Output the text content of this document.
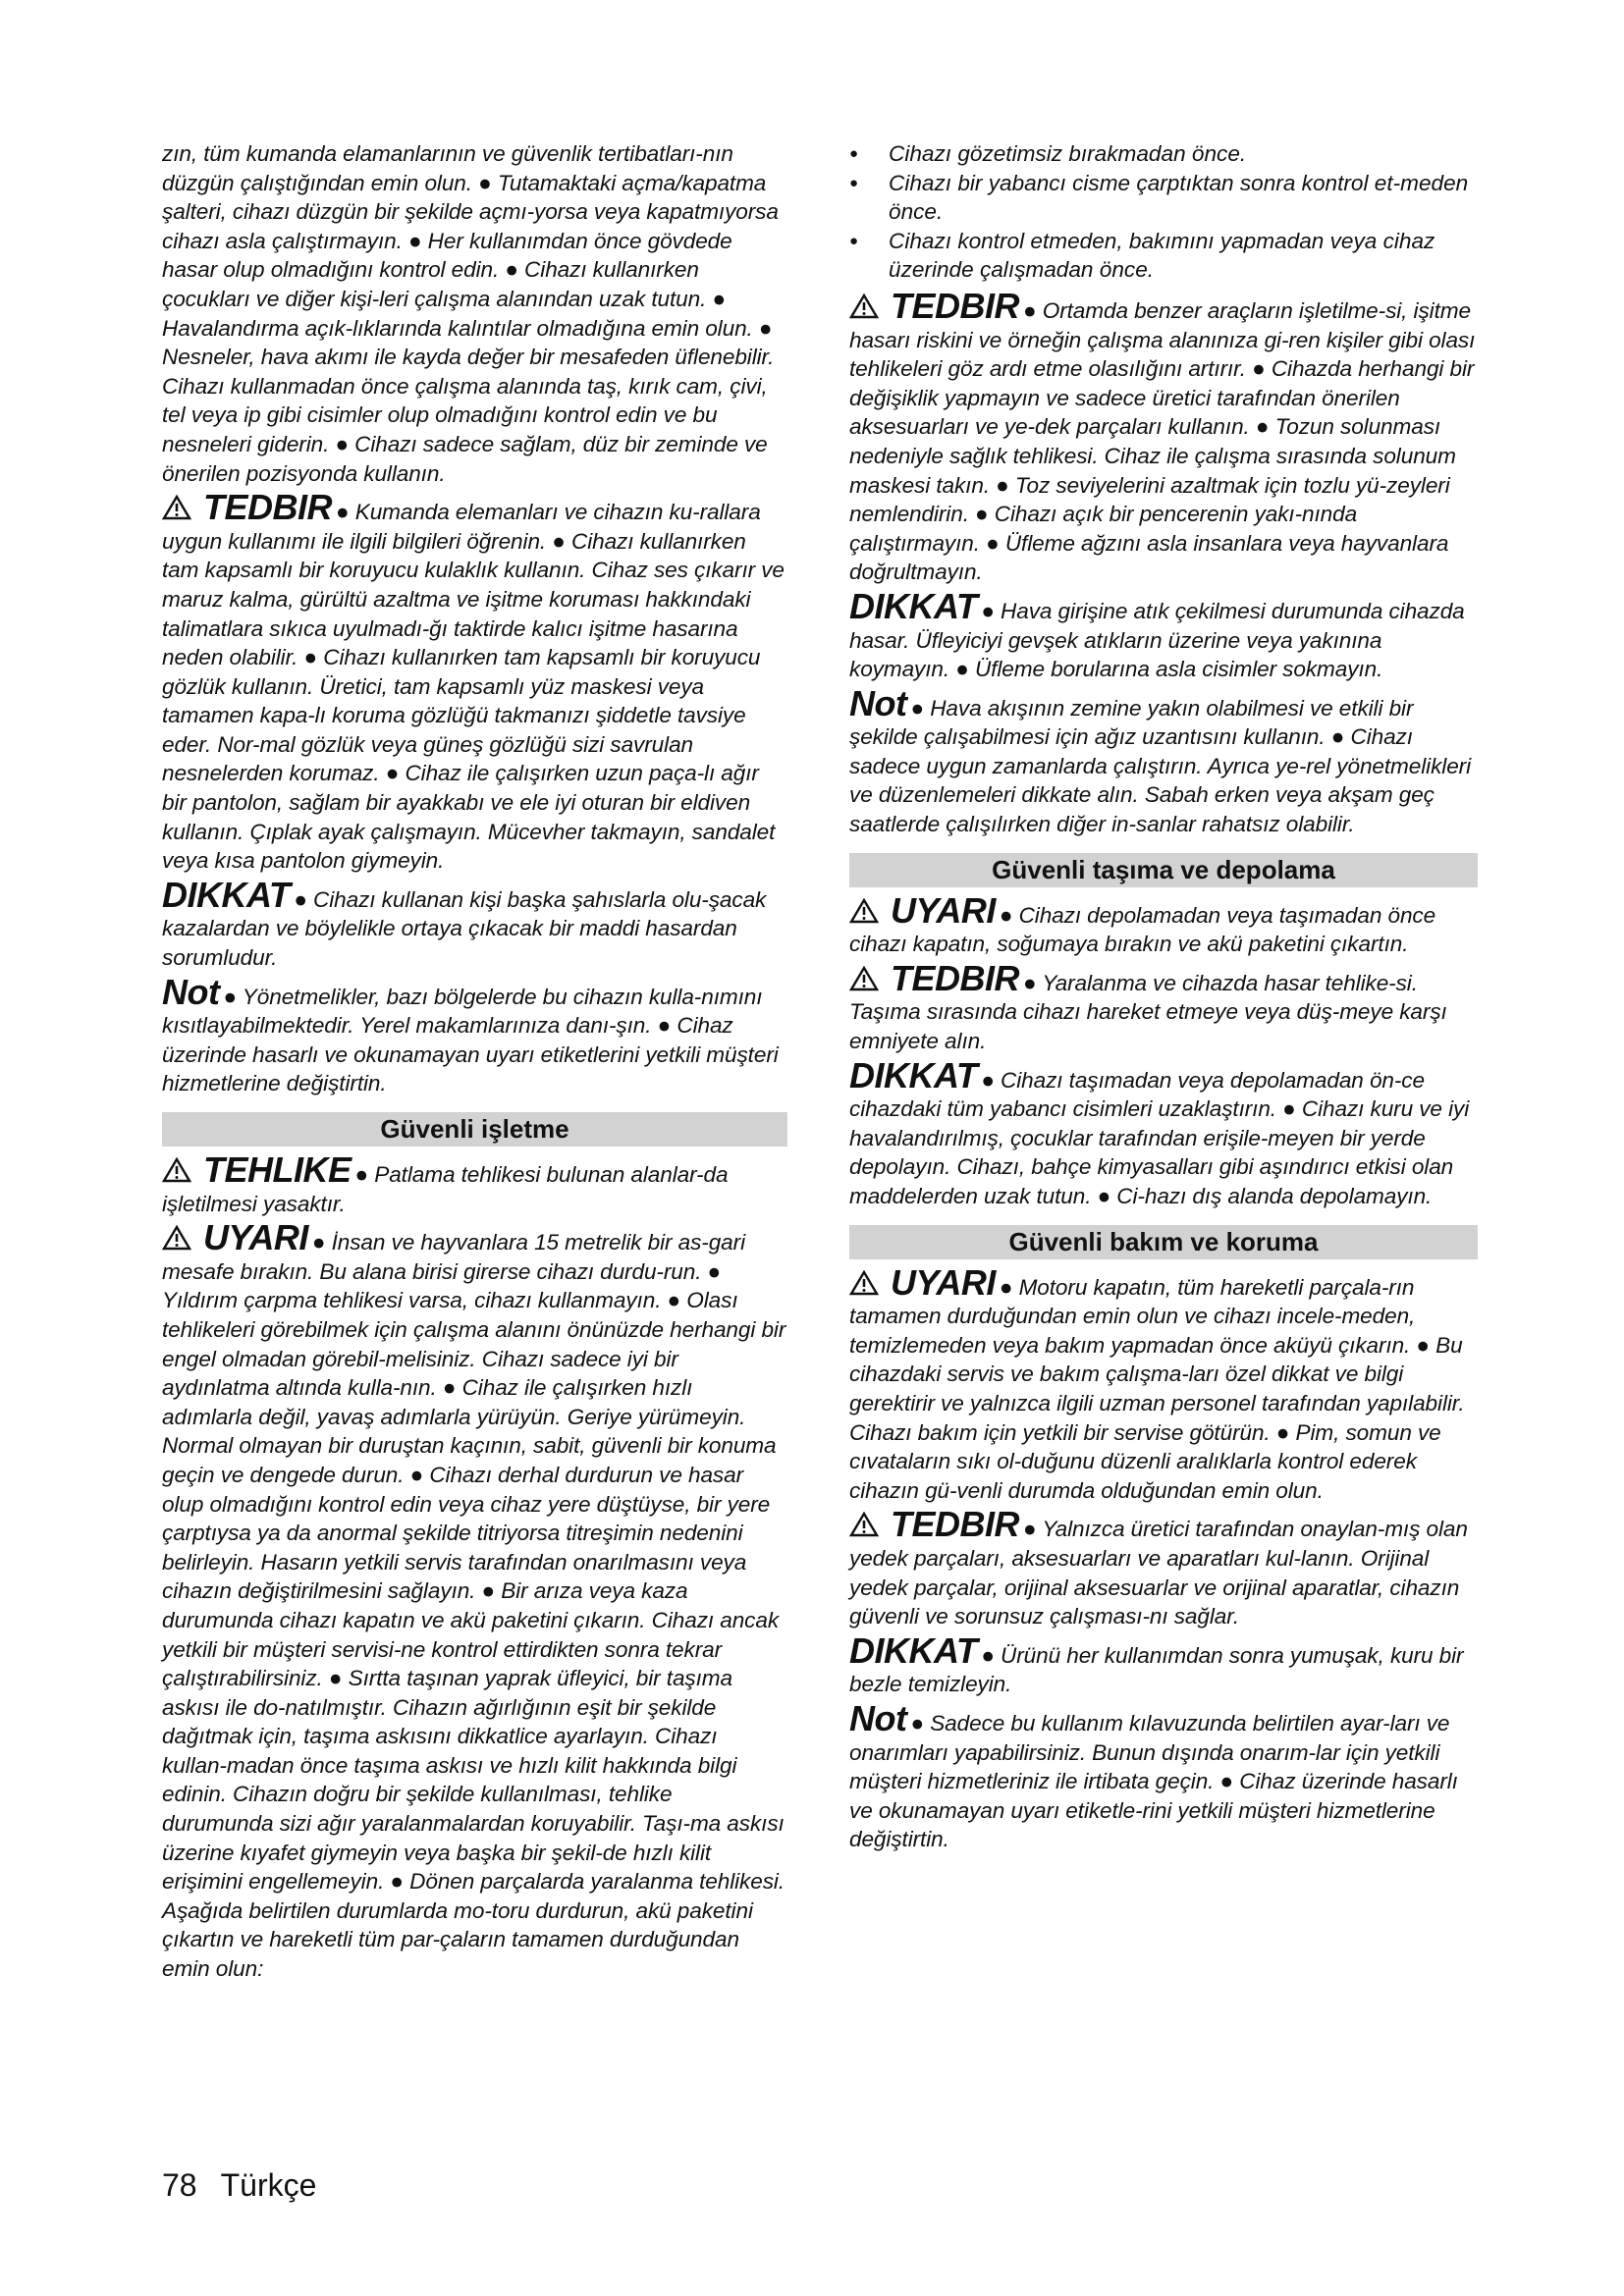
zın, tüm kumanda elamanlarının ve güvenlik tertibatları-nın düzgün çalıştığından emin olun. ● Tutamaktaki açma/kapatma şalteri, cihazı düzgün bir şekilde açmı-yorsa veya kapatmıyorsa cihazı asla çalıştırmayın. ● Her kullanımdan önce gövdede hasar olup olmadığını kontrol edin. ● Cihazı kullanırken çocukları ve diğer kişi-leri çalışma alanından uzak tutun. ● Havalandırma açık-lıklarında kalıntılar olmadığına emin olun. ● Nesneler, hava akımı ile kayda değer bir mesafeden üflenebilir. Cihazı kullanmadan önce çalışma alanında taş, kırık cam, çivi, tel veya ip gibi cisimler olup olmadığını kontrol edin ve bu nesneleri giderin. ● Cihazı sadece sağlam, düz bir zeminde ve önerilen pozisyonda kullanın.

TEDBIR ● Kumanda elemanları ve cihazın ku-rallara uygun kullanımı ile ilgili bilgileri öğrenin. ● Cihazı kullanırken tam kapsamlı bir koruyucu kulaklık kullanın. Cihaz ses çıkarır ve maruz kalma, gürültü azaltma ve işitme koruması hakkındaki talimatlara sıkıca uyulmadı-ğı taktirde kalıcı işitme hasarına neden olabilir. ● Cihazı kullanırken tam kapsamlı bir koruyucu gözlük kullanın. Üretici, tam kapsamlı yüz maskesi veya tamamen kapa-lı koruma gözlüğü takmanızı şiddetle tavsiye eder. Nor-mal gözlük veya güneş gözlüğü sizi savrulan nesnelerden korumaz. ● Cihaz ile çalışırken uzun paça-lı ağır bir pantolon, sağlam bir ayakkabı ve ele iyi oturan bir eldiven kullanın. Çıplak ayak çalışmayın. Mücevher takmayın, sandalet veya kısa pantolon giymeyin.

DIKKAT ● Cihazı kullanan kişi başka şahıslarla olu-şacak kazalardan ve böylelikle ortaya çıkacak bir maddi hasardan sorumludur.

Not ● Yönetmelikler, bazı bölgelerde bu cihazın kulla-nımını kısıtlayabilmektedir. Yerel makamlarınıza danı-şın. ● Cihaz üzerinde hasarlı ve okunamayan uyarı etiketlerini yetkili müşteri hizmetlerine değiştirtin.

Güvenli işletme

TEHLIKE ● Patlama tehlikesi bulunan alanlar-da işletilmesi yasaktır.

UYARI ● İnsan ve hayvanlara 15 metrelik bir as-gari mesafe bırakın. Bu alana birisi girerse cihazı durdu-run. ● Yıldırım çarpma tehlikesi varsa, cihazı kullanmayın. ● Olası tehlikeleri görebilmek için çalışma alanını önünüzde herhangi bir engel olmadan görebil-melisiniz. Cihazı sadece iyi bir aydınlatma altında kulla-nın. ● Cihaz ile çalışırken hızlı adımlarla değil, yavaş adımlarla yürüyün. Geriye yürümeyin. Normal olmayan bir duruştan kaçının, sabit, güvenli bir konuma geçin ve dengede durun. ● Cihazı derhal durdurun ve hasar olup olmadığını kontrol edin veya cihaz yere düştüyse, bir yere çarptıysa ya da anormal şekilde titriyorsa titreşimin nedenini belirleyin. Hasarın yetkili servis tarafından onarılmasını veya cihazın değiştirilmesini sağlayın. ● Bir arıza veya kaza durumunda cihazı kapatın ve akü paketini çıkarın. Cihazı ancak yetkili bir müşteri servisi-ne kontrol ettirdikten sonra tekrar çalıştırabilirsiniz. ● Sırtta taşınan yaprak üfleyici, bir taşıma askısı ile do-natılmıştır. Cihazın ağırlığının eşit bir şekilde dağıtmak için, taşıma askısını dikkatlice ayarlayın. Cihazı kullan-madan önce taşıma askısı ve hızlı kilit hakkında bilgi edinin. Cihazın doğru bir şekilde kullanılması, tehlike durumunda sizi ağır yaralanmalardan koruyabilir. Taşı-ma askısı üzerine kıyafet giymeyin veya başka bir şekil-de hızlı kilit erişimini engellemeyin. ● Dönen parçalarda yaralanma tehlikesi. Aşağıda belirtilen durumlarda mo-toru durdurun, akü paketini çıkartın ve hareketli tüm par-çaların tamamen durduğundan emin olun:

● Cihazı gözetimsiz bırakmadan önce.
● Cihazı bir yabancı cisme çarptıktan sonra kontrol et-meden önce.
● Cihazı kontrol etmeden, bakımını yapmadan veya cihaz üzerinde çalışmadan önce.

TEDBIR ● Ortamda benzer araçların işletilme-si, işitme hasarı riskini ve örneğin çalışma alanınıza gi-ren kişiler gibi olası tehlikeleri göz ardı etme olasılığını artırır. ● Cihazda herhangi bir değişiklik yapmayın ve sadece üretici tarafından önerilen aksesuarları ve ye-dek parçaları kullanın. ● Tozun solunması nedeniyle sağlık tehlikesi. Cihaz ile çalışma sırasında solunum maskesi takın. ● Toz seviyelerini azaltmak için tozlu yü-zeyleri nemlendirin. ● Cihazı açık bir pencerenin yakı-nında çalıştırmayın. ● Üfleme ağzını asla insanlara veya hayvanlara doğrultmayın.

DIKKAT ● Hava girişine atık çekilmesi durumunda cihazda hasar. Üfleyiciyi gevşek atıkların üzerine veya yakınına koymayın. ● Üfleme borularına asla cisimler sokmayın.

Not ● Hava akışının zemine yakın olabilmesi ve etkili bir şekilde çalışabilmesi için ağız uzantısını kullanın. ● Cihazı sadece uygun zamanlarda çalıştırın. Ayrıca ye-rel yönetmelikleri ve düzenlemeleri dikkate alın. Sabah erken veya akşam geç saatlerde çalışılırken diğer in-sanlar rahatsız olabilir.

Güvenli taşıma ve depolama

UYARI ● Cihazı depolamadan veya taşımadan önce cihazı kapatın, soğumaya bırakın ve akü paketini çıkartın.

TEDBIR ● Yaralanma ve cihazda hasar tehlike-si. Taşıma sırasında cihazı hareket etmeye veya düş-meye karşı emniyete alın.

DIKKAT ● Cihazı taşımadan veya depolamadan ön-ce cihazdaki tüm yabancı cisimleri uzaklaştırın. ● Cihazı kuru ve iyi havalandırılmış, çocuklar tarafından erişile-meyen bir yerde depolayın. Cihazı, bahçe kimyasalları gibi aşındırıcı etkisi olan maddelerden uzak tutun. ● Ci-hazı dış alanda depolamayın.

Güvenli bakım ve koruma

UYARI ● Motoru kapatın, tüm hareketli parçala-rın tamamen durduğundan emin olun ve cihazı incele-meden, temizlemeden veya bakım yapmadan önce aküyü çıkarın. ● Bu cihazdaki servis ve bakım çalışma-ları özel dikkat ve bilgi gerektirir ve yalnızca ilgili uzman personel tarafından yapılabilir. Cihazı bakım için yetkili bir servise götürün. ● Pim, somun ve cıvataların sıkı ol-duğunu düzenli aralıklarla kontrol ederek cihazın gü-venli durumda olduğundan emin olun.

TEDBIR ● Yalnızca üretici tarafından onaylan-mış olan yedek parçaları, aksesuarları ve aparatları kul-lanın. Orijinal yedek parçalar, orijinal aksesuarlar ve orijinal aparatlar, cihazın güvenli ve sorunsuz çalışması-nı sağlar.

DIKKAT ● Ürünü her kullanımdan sonra yumuşak, kuru bir bezle temizleyin.

Not ● Sadece bu kullanım kılavuzunda belirtilen ayar-ları ve onarımları yapabilirsiniz. Bunun dışında onarım-lar için yetkili müşteri hizmetleriniz ile irtibata geçin. ● Cihaz üzerinde hasarlı ve okunamayan uyarı etiketle-rini yetkili müşteri hizmetlerine değiştirtin.

78 Türkçe
